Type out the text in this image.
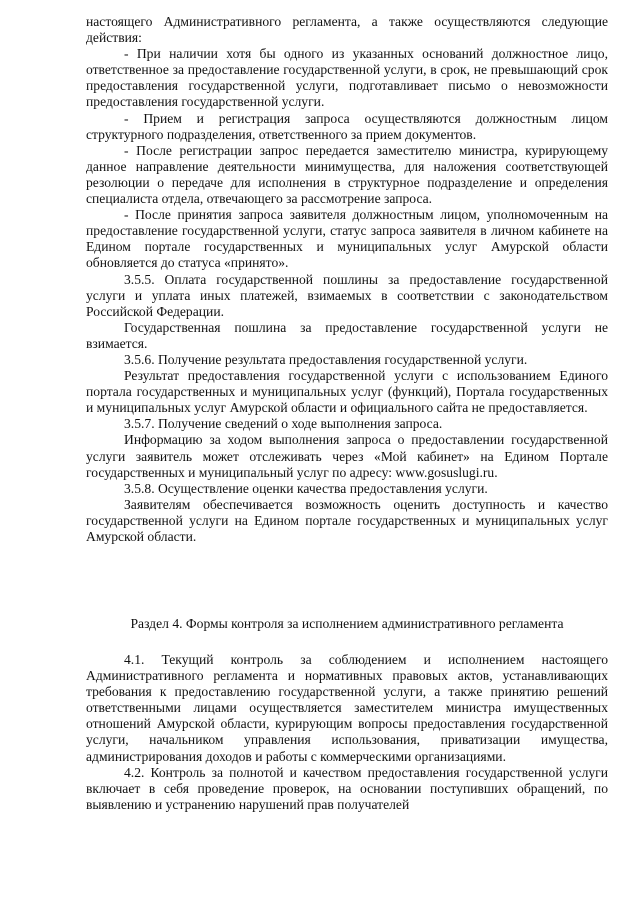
настоящего Административного регламента, а также осуществляются следующие действия:

- При наличии хотя бы одного из указанных оснований должностное лицо, ответственное за предоставление государственной услуги, в срок, не превышающий срок предоставления государственной услуги, подготавливает письмо о невозможности предоставления государственной услуги.

- Прием и регистрация запроса осуществляются должностным лицом структурного подразделения, ответственного за прием документов.

- После регистрации запрос передается заместителю министра, курирующему данное направление деятельности минимущества, для наложения соответствующей резолюции о передаче для исполнения в структурное подразделение и определения специалиста отдела, отвечающего за рассмотрение запроса.

- После принятия запроса заявителя должностным лицом, уполномоченным на предоставление государственной услуги, статус запроса заявителя в личном кабинете на Едином портале государственных и муниципальных услуг Амурской области обновляется до статуса «принято».

3.5.5. Оплата государственной пошлины за предоставление государственной услуги и уплата иных платежей, взимаемых в соответствии с законодательством Российской Федерации.

Государственная пошлина за предоставление государственной услуги не взимается.

3.5.6. Получение результата предоставления государственной услуги.

Результат предоставления государственной услуги с использованием Единого портала государственных и муниципальных услуг (функций), Портала государственных и муниципальных услуг Амурской области и официального сайта не предоставляется.

3.5.7. Получение сведений о ходе выполнения запроса.

Информацию за ходом выполнения запроса о предоставлении государственной услуги заявитель может отслеживать через «Мой кабинет» на Едином Портале государственных и муниципальный услуг по адресу: www.gosuslugi.ru.

3.5.8. Осуществление оценки качества предоставления услуги.

Заявителям обеспечивается возможность оценить доступность и качество государственной услуги на Едином портале государственных и муниципальных услуг Амурской области.

Раздел 4. Формы контроля за исполнением административного регламента

4.1. Текущий контроль за соблюдением и исполнением настоящего Административного регламента и нормативных правовых актов, устанавливающих требования к предоставлению государственной услуги, а также принятию решений ответственными лицами осуществляется заместителем министра имущественных отношений Амурской области, курирующим вопросы предоставления государственной услуги, начальником управления использования, приватизации имущества, администрирования доходов и работы с коммерческими организациями.

4.2. Контроль за полнотой и качеством предоставления государственной услуги включает в себя проведение проверок, на основании поступивших обращений, по выявлению и устранению нарушений прав получателей
